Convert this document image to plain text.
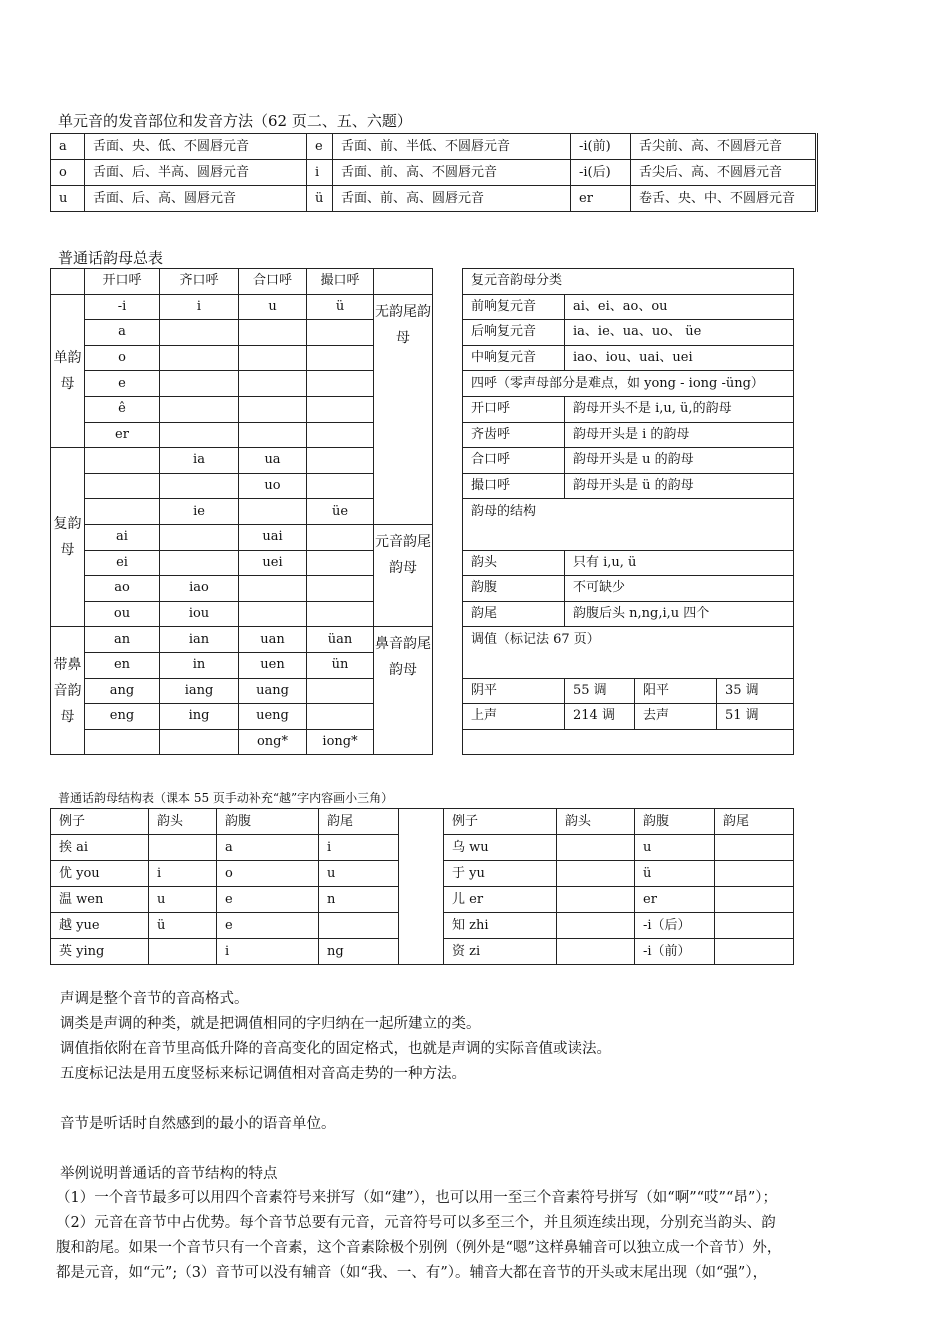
单元音的发音部位和发音方法（62 页二、五、六题）
a	舌面、央、低、不圆唇元音	e	舌面、前、半低、不圆唇元音	-i(前)	舌尖前、高、不圆唇元音
o	舌面、后、半高、圆唇元音	i	舌面、前、高、不圆唇元音	-i(后)	舌尖后、高、不圆唇元音
u	舌面、后、高、圆唇元音	ü	舌面、前、高、圆唇元音	er	卷舌、央、中、不圆唇元音
普通话韵母总表
	开口呼	齐口呼	合口呼	撮口呼			复元音韵母分类			
单韵母	-i	i	u	ü	无韵尾韵母		前响复元音	ai、ei、ao、ou		
	a						后响复元音	ia、ie、ua、uo、 üe		
	o						中响复元音	iao、iou、uai、uei		
	e						四呼（零声母部分是难点，如 yong - iong -üng）			
	ê						开口呼	韵母开头不是 i,u, ü,的韵母		
	er						齐齿呼	韵母开头是 i 的韵母		
复韵母		ia	ua				合口呼	韵母开头是 u 的韵母		
			uo				撮口呼	韵母开头是 ü 的韵母		
		ie		üe			韵母的结构			
	ai		uai		元音韵尾韵母					
	ei		uei				韵头	只有 i,u, ü		
	ao	iao					韵腹	不可缺少		
	ou	iou					韵尾	韵腹后头 n,ng,i,u 四个		
带鼻音韵母	an	ian	uan	üan	鼻音韵尾韵母		调值（标记法 67 页）			
	en	in	uen	ün						
	ang	iang	uang				阴平	55 调	阳平	35 调
	eng	ing	ueng				上声	214 调	去声	51 调
			ong*	iong*						
普通话韵母结构表（课本 55 页手动补充“越”字内容画小三角）
例子	韵头	韵腹	韵尾		例子	韵头	韵腹	韵尾
挨 ai		a	i		乌 wu		u	
优 you	i	o	u		于 yu		ü	
温 wen	u	e	n		儿 er		er	
越 yue	ü	e			知 zhi		-i（后）	
英 ying		i	ng		资 zi		-i（前）	
声调是整个音节的音高格式。
调类是声调的种类，就是把调值相同的字归纳在一起所建立的类。
调值指依附在音节里高低升降的音高变化的固定格式，也就是声调的实际音值或读法。
五度标记法是用五度竖标来标记调值相对音高走势的一种方法。
音节是听话时自然感到的最小的语音单位。
举例说明普通话的音节结构的特点
（1）一个音节最多可以用四个音素符号来拼写（如“建”），也可以用一至三个音素符号拼写（如“啊”“哎”“昂”）；
（2）元音在音节中占优势。每个音节总要有元音，元音符号可以多至三个，并且须连续出现，分别充当韵头、韵
腹和韵尾。如果一个音节只有一个音素，这个音素除极个别例（例外是“嗯”这样鼻辅音可以独立成一个音节）外，
都是元音，如“元”;（3）音节可以没有辅音（如“我、一、有”）。辅音大都在音节的开头或末尾出现（如“强”），
